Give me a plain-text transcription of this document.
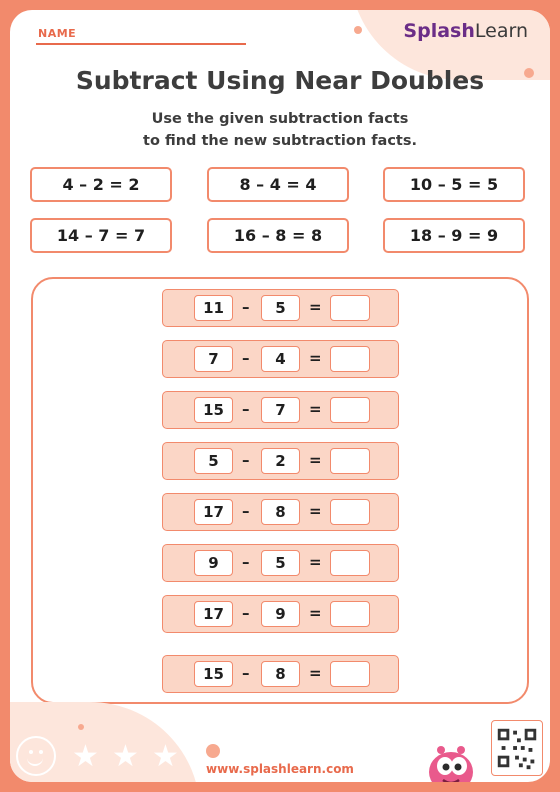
NAME	SplashLearn
Subtract Using Near Doubles
Use the given subtraction facts
to find the new subtraction facts.
4 – 2 = 2	8 – 4 = 4	10 – 5 = 5
14 – 7 = 7	16 – 8 = 8	18 – 9 = 9
11	–	5	=
7	–	4	=
15	–	7	=
5	–	2	=
17	–	8	=
9	–	5	=
17	–	9	=
15	–	8	=
★ ★ ★	www.splashlearn.com
